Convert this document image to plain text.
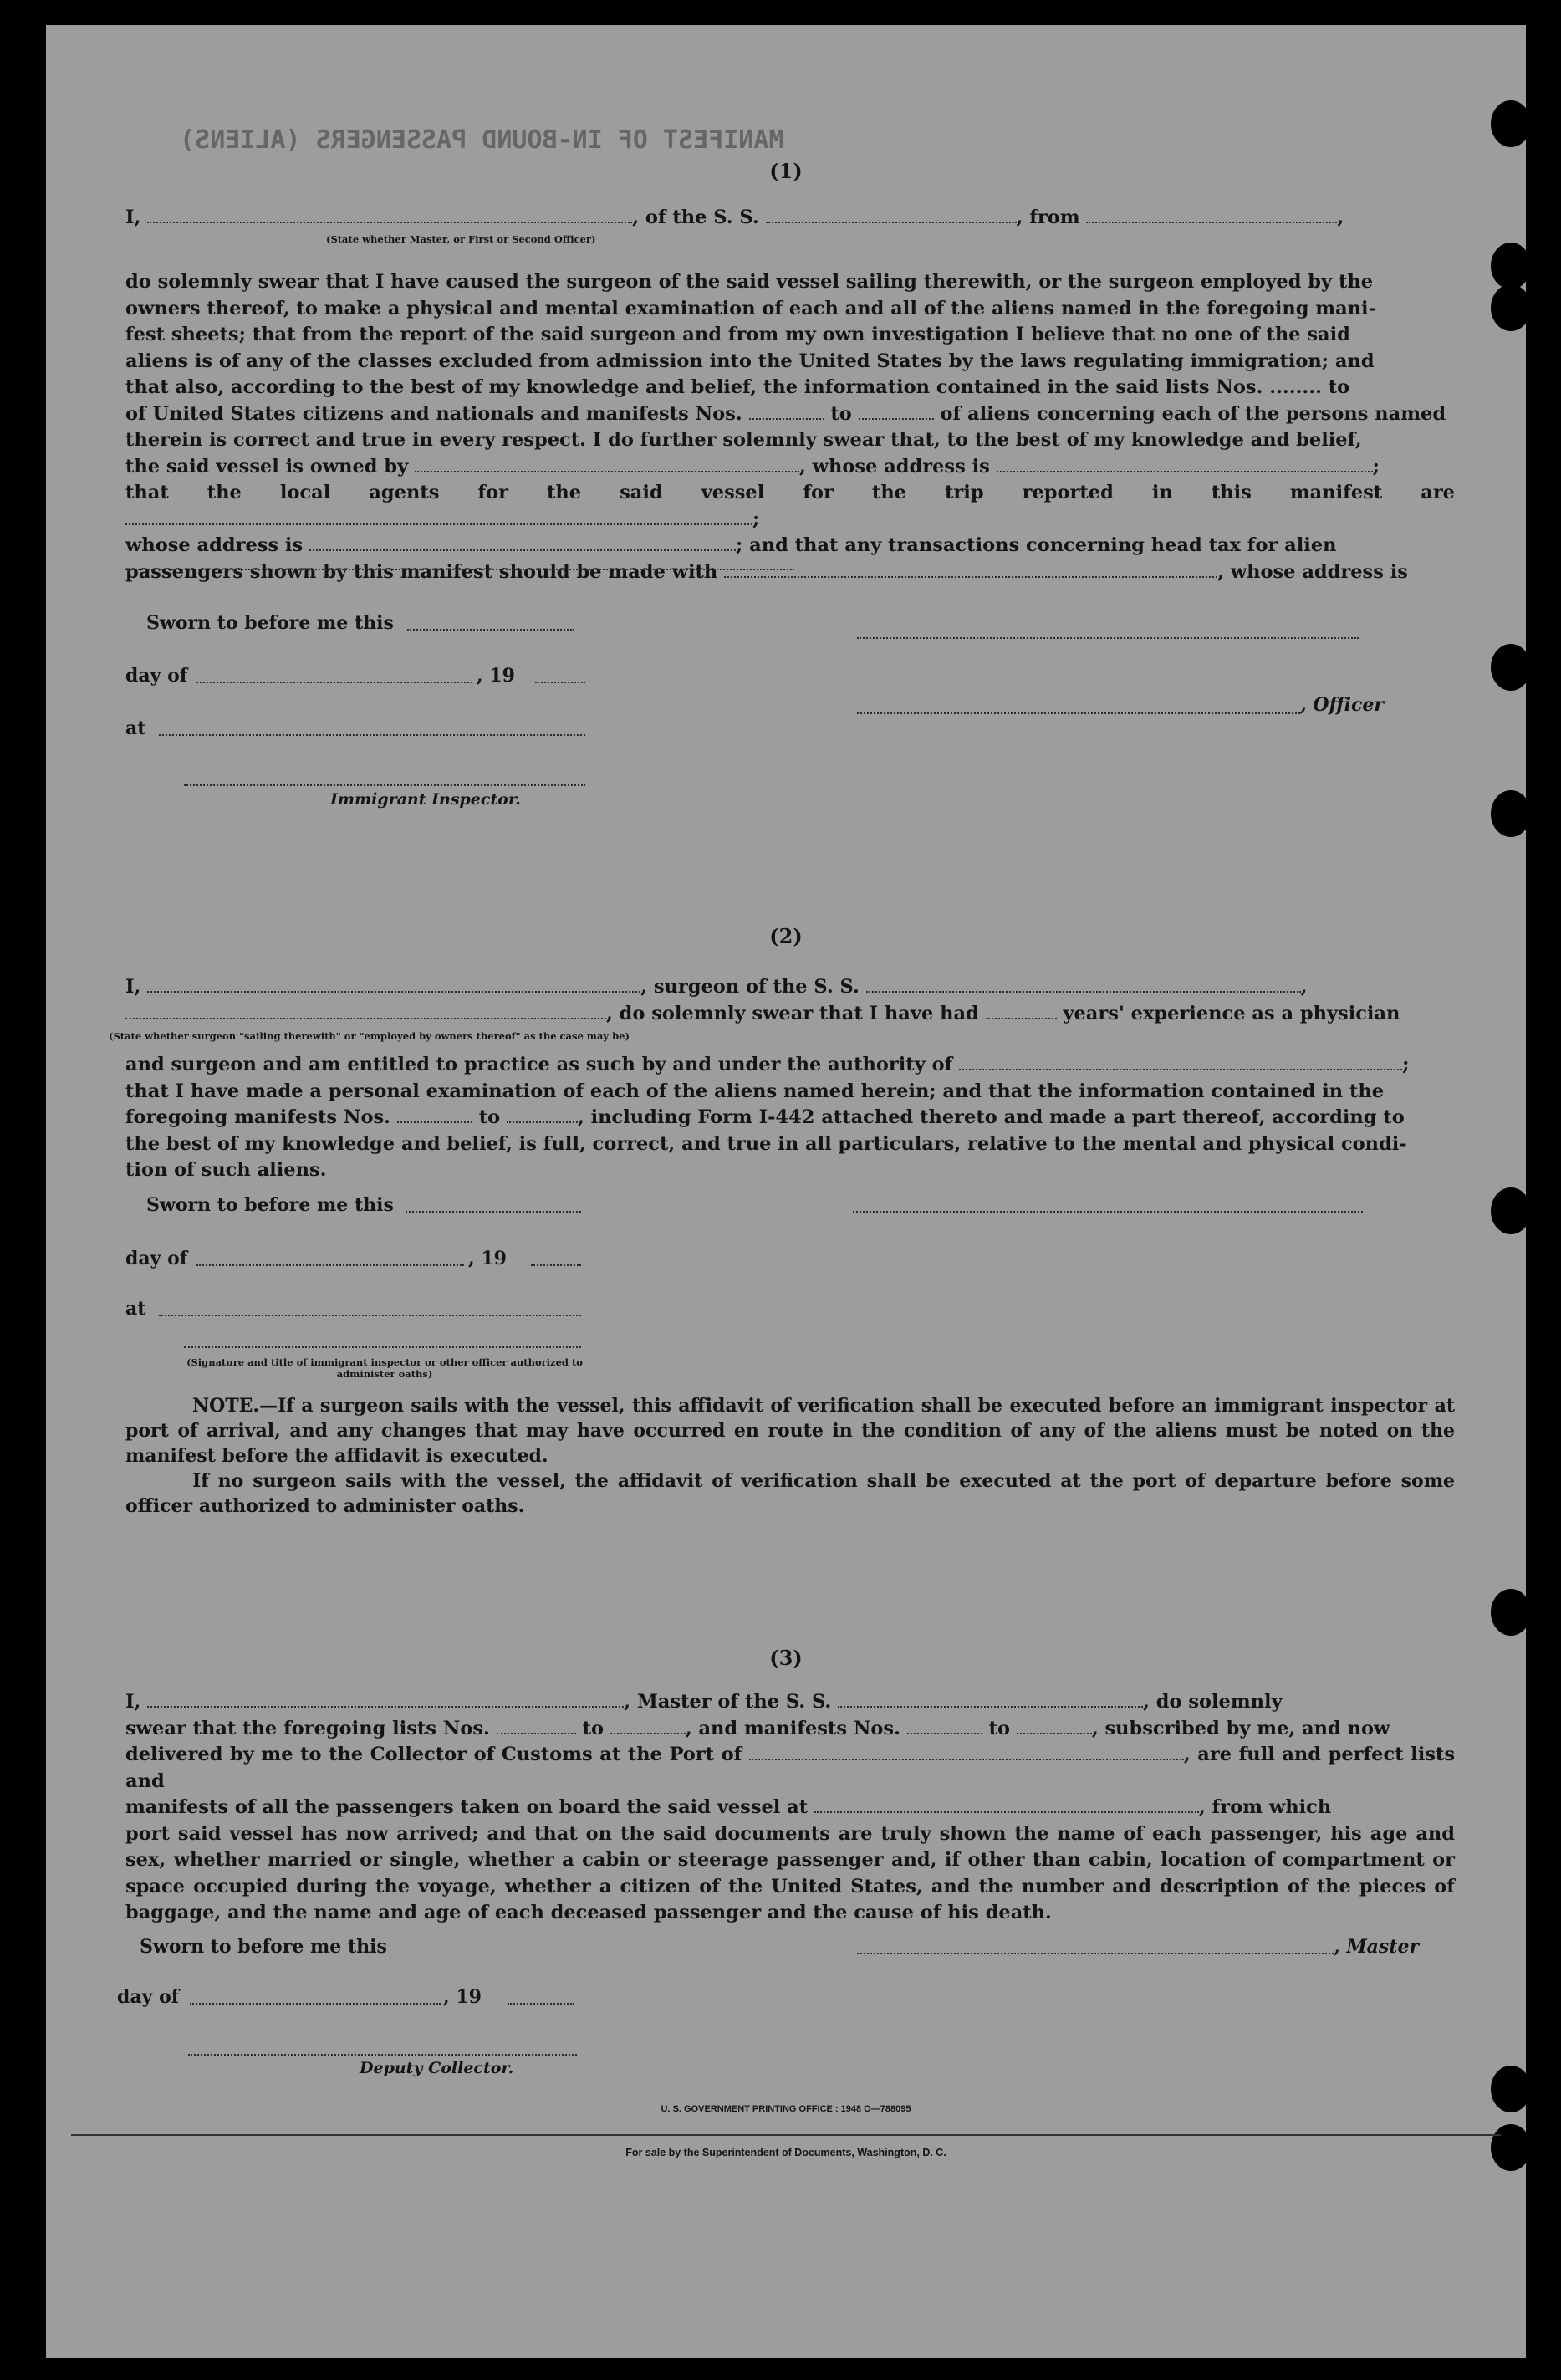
MANIFEST OF IN-BOUND PASSENGERS (ALIENS)
(1)
I,	, of the S. S.	, from	,
(State whether Master, or First or Second Officer)
do solemnly swear that I have caused the surgeon of the said vessel sailing therewith, or the surgeon employed by the
owners thereof, to make a physical and mental examination of each and all of the aliens named in the foregoing mani-
fest sheets; that from the report of the said surgeon and from my own investigation I believe that no one of the said
aliens is of any of the classes excluded from admission into the United States by the laws regulating immigration; and
that also, according to the best of my knowledge and belief, the information contained in the said lists Nos. ........ to
of United States citizens and nationals and manifests Nos.	to	of aliens concerning each of the persons named
therein is correct and true in every respect. I do further solemnly swear that, to the best of my knowledge and belief,
the said vessel is owned by	, whose address is	;
that the local agents for the said vessel for the trip reported in this manifest are ;
whose address is	; and that any transactions concerning head tax for alien
passengers shown by this manifest should be made with	, whose address is
Sworn to before me this
day of	, 19
at
Immigrant Inspector.
, Officer
(2)
I,	, surgeon of the S. S.	,
, do solemnly swear that I have had	years' experience as a physician
(State whether surgeon "sailing therewith" or "employed by owners thereof" as the case may be)
and surgeon and am entitled to practice as such by and under the authority of	;
that I have made a personal examination of each of the aliens named herein; and that the information contained in the
foregoing manifests Nos.	to	, including Form I-442 attached thereto and made a part thereof, according to
the best of my knowledge and belief, is full, correct, and true in all particulars, relative to the mental and physical condi-
tion of such aliens.
Sworn to before me this
day of	, 19
at
(Signature and title of immigrant inspector or other officer authorized to administer oaths)
NOTE.—If a surgeon sails with the vessel, this affidavit of verification shall be executed before an immigrant inspector at port of arrival, and any changes that may have occurred en route in the condition of any of the aliens must be noted on the manifest before the affidavit is executed.
If no surgeon sails with the vessel, the affidavit of verification shall be executed at the port of departure before some officer authorized to administer oaths.
(3)
I,	, Master of the S. S.	, do solemnly
swear that the foregoing lists Nos.	to	, and manifests Nos.	to	, subscribed by me, and now
delivered by me to the Collector of Customs at the Port of	, are full and perfect lists and
manifests of all the passengers taken on board the said vessel at	, from which
port said vessel has now arrived; and that on the said documents are truly shown the name of each passenger, his age and sex, whether married or single, whether a cabin or steerage passenger and, if other than cabin, location of compartment or space occupied during the voyage, whether a citizen of the United States, and the number and description of the pieces of baggage, and the name and age of each deceased passenger and the cause of his death.
Sworn to before me this	, Master
day of	, 19
Deputy Collector.
U. S. GOVERNMENT PRINTING OFFICE : 1948 O—788095
For sale by the Superintendent of Documents, Washington, D. C.
